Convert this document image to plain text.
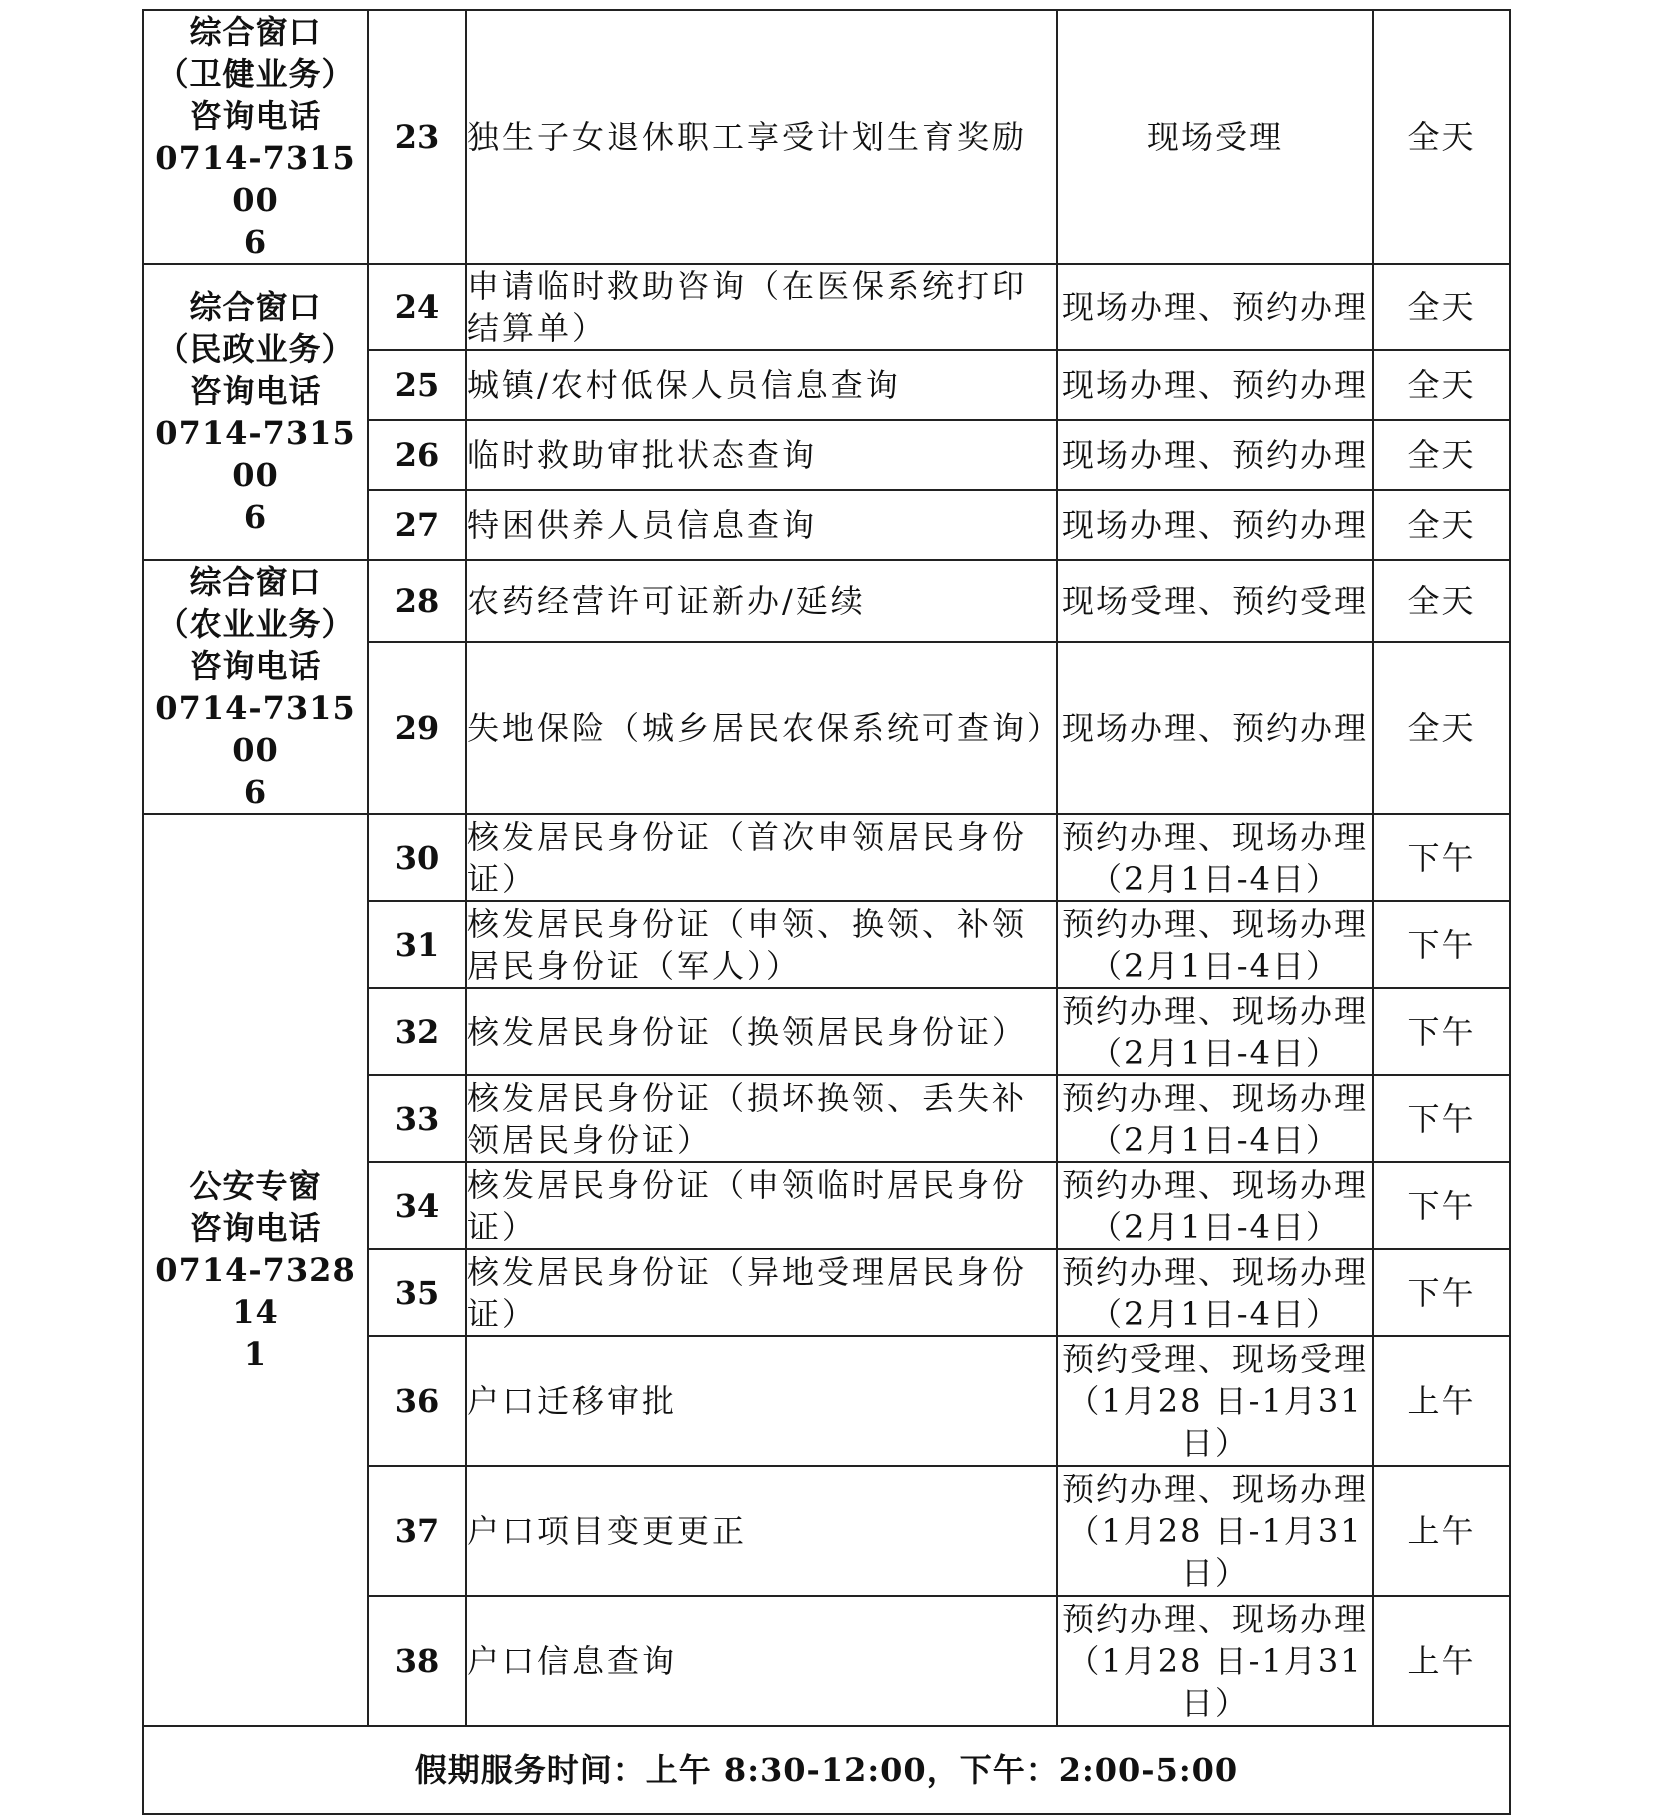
综合窗口
（卫健业务）
咨询电话
0714-731500
6	23	独生子女退休职工享受计划生育奖励	现场受理	全天

综合窗口
（民政业务）
咨询电话
0714-731500
6	24	申请临时救助咨询（在医保系统打印结算单）	现场办理、预约办理	全天
	25	城镇/农村低保人员信息查询	现场办理、预约办理	全天
	26	临时救助审批状态查询	现场办理、预约办理	全天
	27	特困供养人员信息查询	现场办理、预约办理	全天

综合窗口
（农业业务）
咨询电话
0714-731500
6	28	农药经营许可证新办/延续	现场受理、预约受理	全天
	29	失地保险（城乡居民农保系统可查询）	现场办理、预约办理	全天

公安专窗
咨询电话
0714-732814
1	30	核发居民身份证（首次申领居民身份证）	预约办理、现场办理
（2月1日-4日）	下午
	31	核发居民身份证（申领、换领、补领居民身份证（军人））	预约办理、现场办理
（2月1日-4日）	下午
	32	核发居民身份证（换领居民身份证）	预约办理、现场办理
（2月1日-4日）	下午
	33	核发居民身份证（损坏换领、丢失补领居民身份证）	预约办理、现场办理
（2月1日-4日）	下午
	34	核发居民身份证（申领临时居民身份证）	预约办理、现场办理
（2月1日-4日）	下午
	35	核发居民身份证（异地受理居民身份证）	预约办理、现场办理
（2月1日-4日）	下午
	36	户口迁移审批	预约受理、现场受理
（1月28 日-1月31
日）	上午
	37	户口项目变更更正	预约办理、现场办理
（1月28 日-1月31
日）	上午
	38	户口信息查询	预约办理、现场办理
（1月28 日-1月31
日）	上午
假期服务时间：上午 8:30-12:00，下午：2:00-5:00				
